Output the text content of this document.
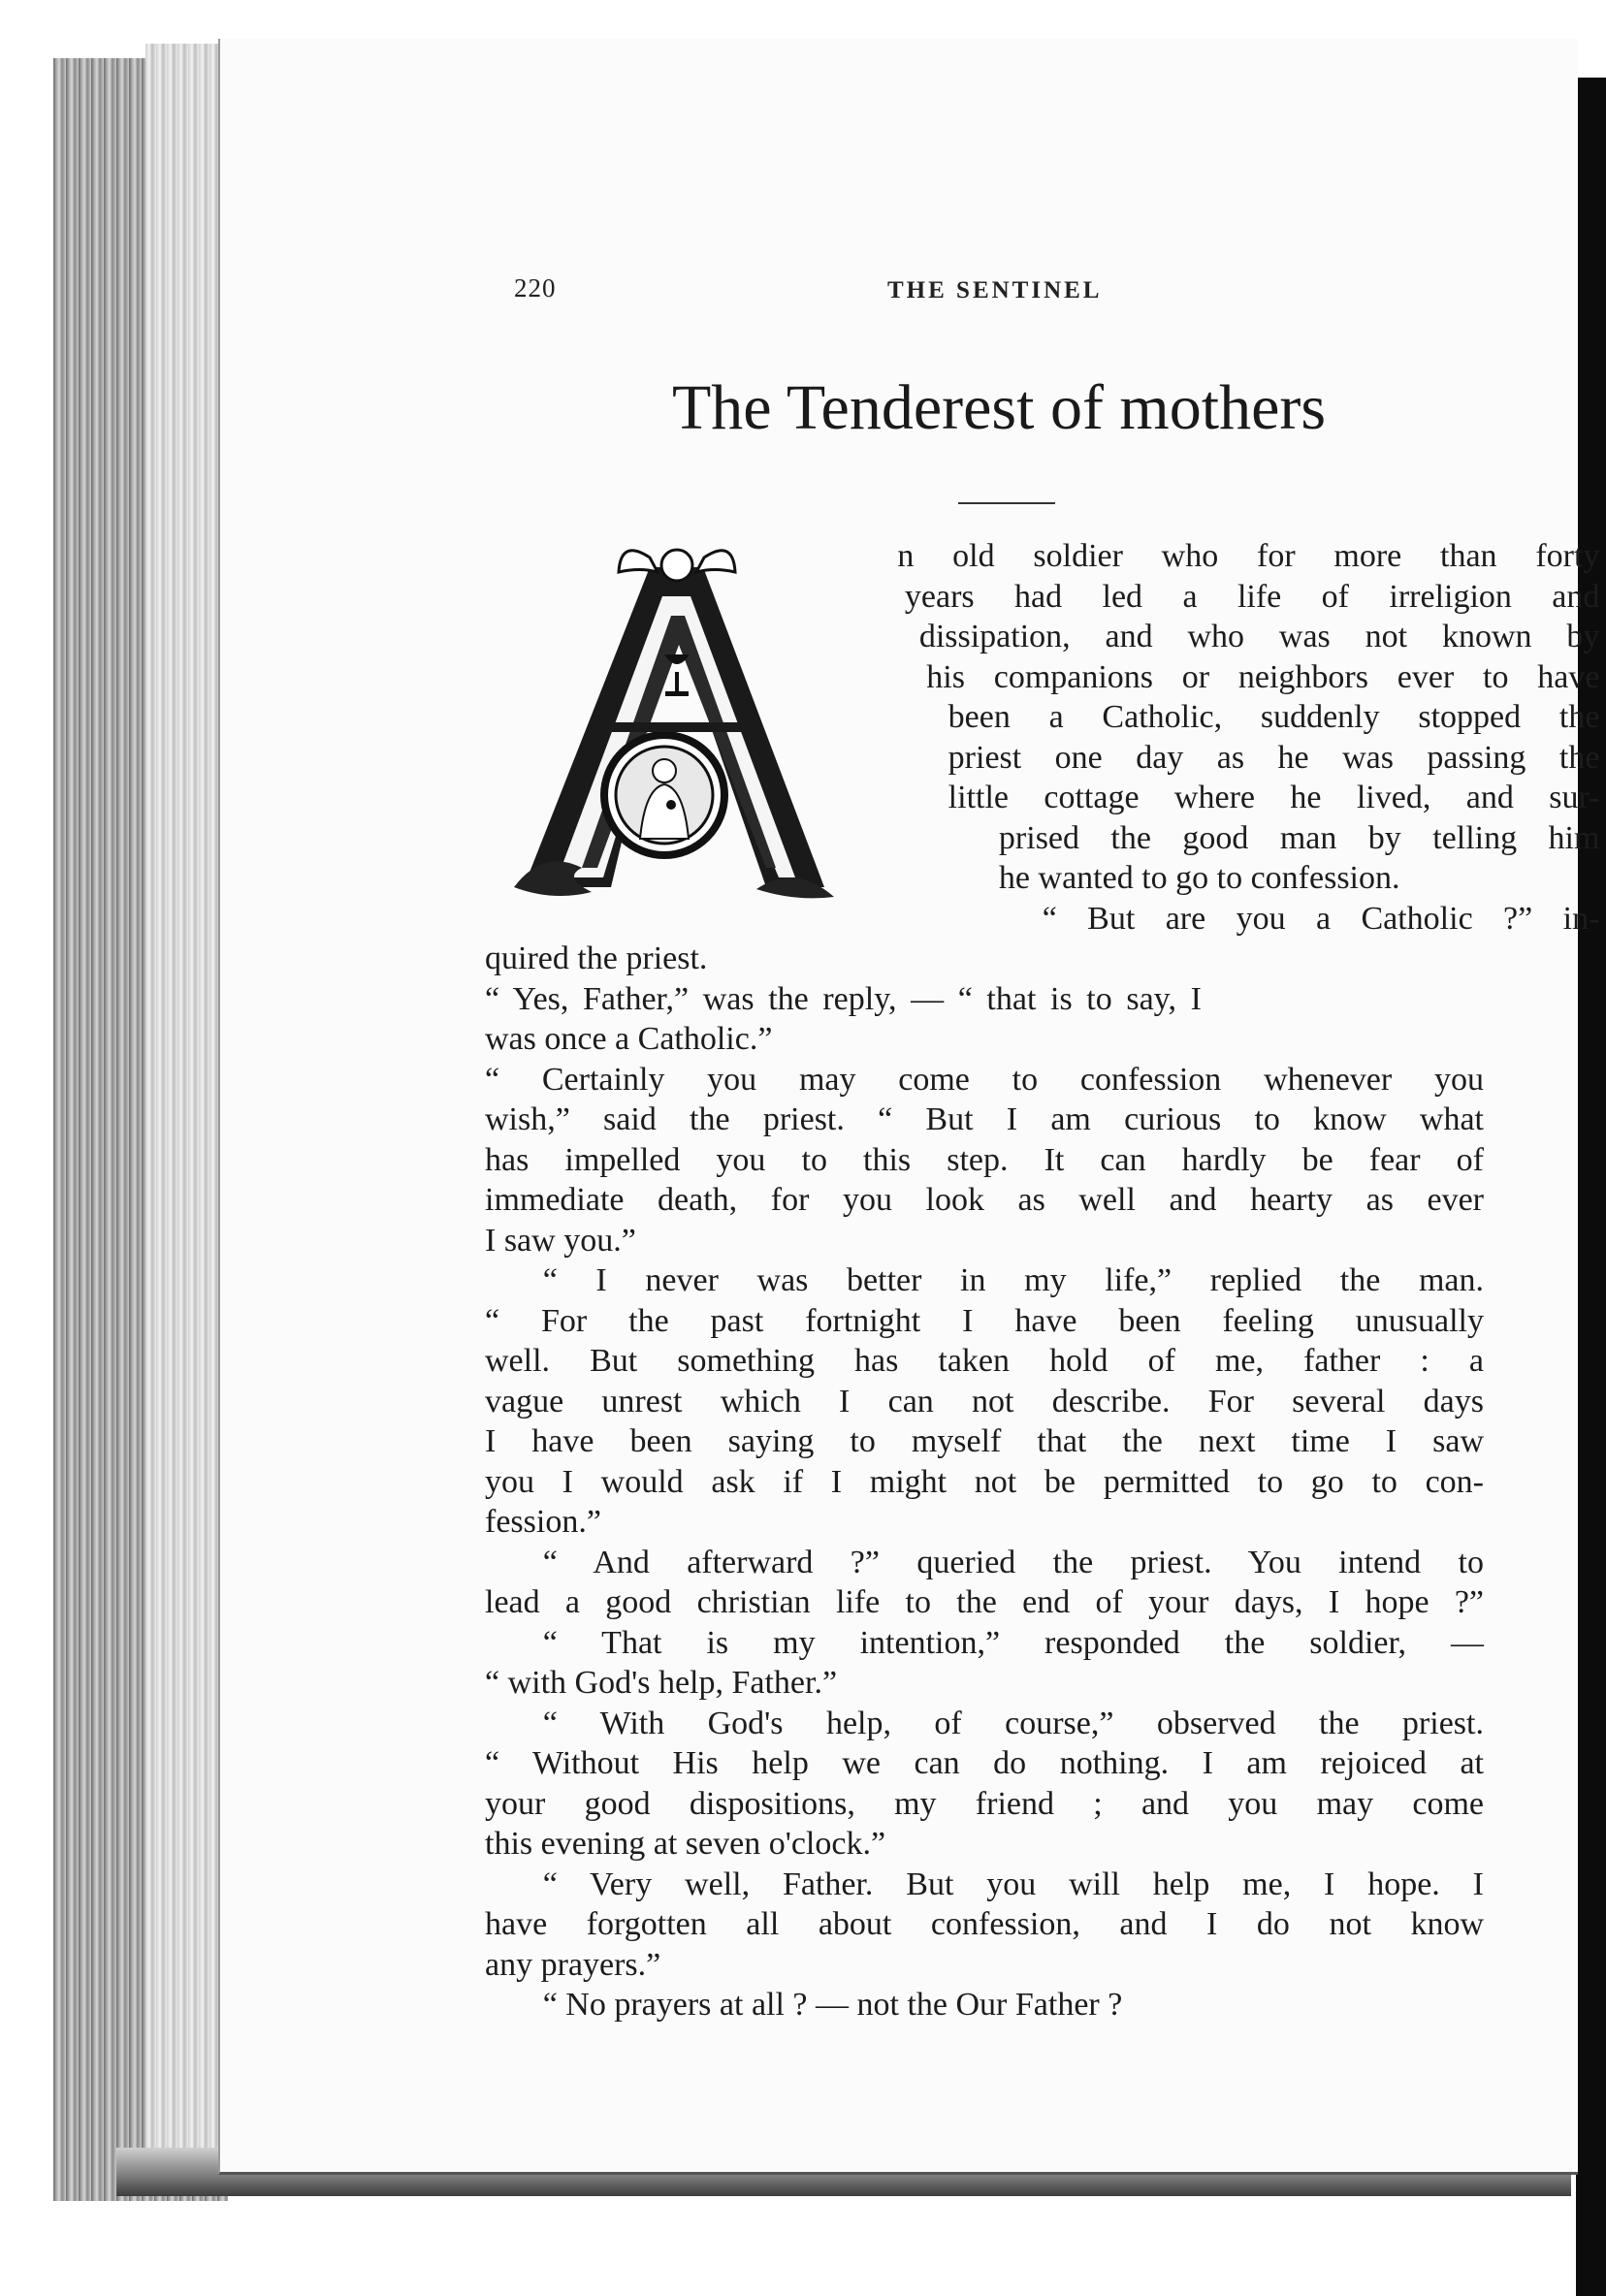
220	THE SENTINEL
The Tenderest of mothers
n old soldier who for more than forty
years had led a life of irreligion and
dissipation, and who was not known by
his companions or neighbors ever to have
been a Catholic, suddenly stopped the
priest one day as he was passing the
little cottage where he lived, and sur-
prised the good man by telling him
he wanted to go to confession.
“ But are you a Catholic ?” in-
quired the priest.
“ Yes, Father,” was the reply, — “ that is to say, I
was once a Catholic.”
“ Certainly you may come to confession whenever you
wish,” said the priest. “ But I am curious to know what
has impelled you to this step. It can hardly be fear of
immediate death, for you look as well and hearty as ever
I saw you.”
“ I never was better in my life,” replied the man.
“ For the past fortnight I have been feeling unusually
well. But something has taken hold of me, father : a
vague unrest which I can not describe. For several days
I have been saying to myself that the next time I saw
you I would ask if I might not be permitted to go to con-
fession.”
“ And afterward ?” queried the priest. You intend to
lead a good christian life to the end of your days, I hope ?”
“ That is my intention,” responded the soldier, —
“ with God's help, Father.”
“ With God's help, of course,” observed the priest.
“ Without His help we can do nothing. I am rejoiced at
your good dispositions, my friend ; and you may come
this evening at seven o'clock.”
“ Very well, Father. But you will help me, I hope. I
have forgotten all about confession, and I do not know
any prayers.”
“ No prayers at all ? — not the Our Father ?
